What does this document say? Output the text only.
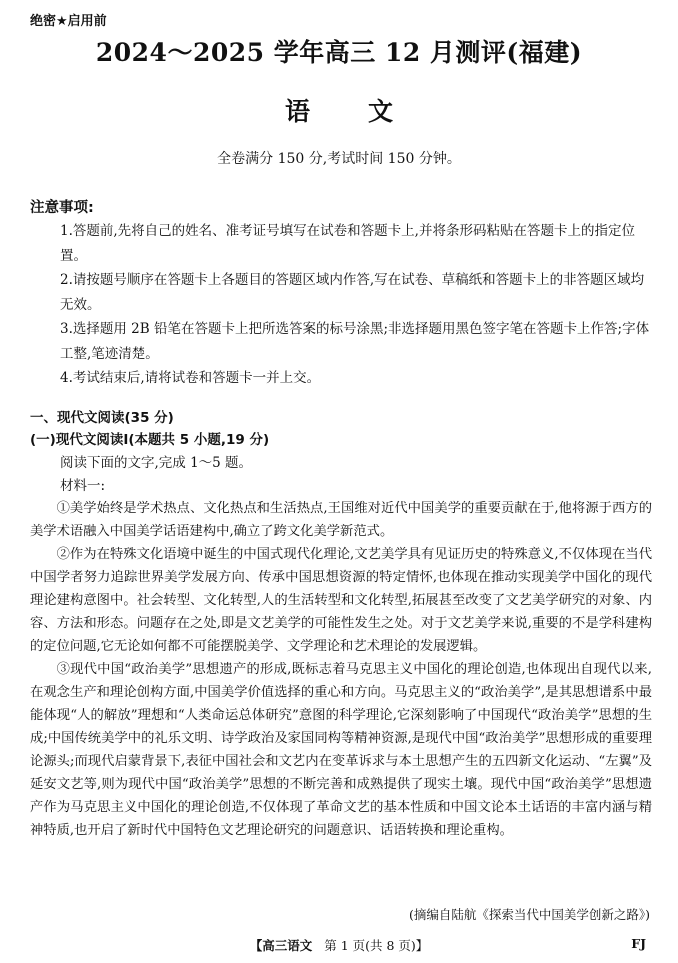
绝密★启用前
2024～2025 学年高三 12 月测评(福建)
语 文
全卷满分 150 分,考试时间 150 分钟。
注意事项:
1.答题前,先将自己的姓名、准考证号填写在试卷和答题卡上,并将条形码粘贴在答题卡上的指定位置。
2.请按题号顺序在答题卡上各题目的答题区域内作答,写在试卷、草稿纸和答题卡上的非答题区域均无效。
3.选择题用 2B 铅笔在答题卡上把所选答案的标号涂黑;非选择题用黑色签字笔在答题卡上作答;字体工整,笔迹清楚。
4.考试结束后,请将试卷和答题卡一并上交。
一、现代文阅读(35 分)
(一)现代文阅读Ⅰ(本题共 5 小题,19 分)
阅读下面的文字,完成 1～5 题。
材料一:

①美学始终是学术热点、文化热点和生活热点,王国维对近代中国美学的重要贡献在于,他将源于西方的美学术语融入中国美学话语建构中,确立了跨文化美学新范式。

②作为在特殊文化语境中诞生的中国式现代化理论,文艺美学具有见证历史的特殊意义,不仅体现在当代中国学者努力追踪世界美学发展方向、传承中国思想资源的特定情怀,也体现在推动实现美学中国化的现代理论建构意图中。社会转型、文化转型,人的生活转型和文化转型,拓展甚至改变了文艺美学研究的对象、内容、方法和形态。问题存在之处,即是文艺美学的可能性发生之处。对于文艺美学来说,重要的不是学科建构的定位问题,它无论如何都不可能摆脱美学、文学理论和艺术理论的发展逻辑。

③现代中国“政治美学”思想遗产的形成,既标志着马克思主义中国化的理论创造,也体现出自现代以来,在观念生产和理论创构方面,中国美学价值选择的重心和方向。马克思主义的“政治美学”,是其思想谱系中最能体现“人的解放”理想和“人类命运总体研究”意图的科学理论,它深刻影响了中国现代“政治美学”思想的生成;中国传统美学中的礼乐文明、诗学政治及家国同构等精神资源,是现代中国“政治美学”思想形成的重要理论源头;而现代启蒙背景下,表征中国社会和文艺内在变革诉求与本土思想产生的五四新文化运动、“左翼”及延安文艺等,则为现代中国“政治美学”思想的不断完善和成熟提供了现实土壤。现代中国“政治美学”思想遗产作为马克思主义中国化的理论创造,不仅体现了革命文艺的基本性质和中国文论本土话语的丰富内涵与精神特质,也开启了新时代中国特色文艺理论研究的问题意识、话语转换和理论重构。

(摘编自陆航《探索当代中国美学创新之路》)
【高三语文 第 1 页(共 8 页)】	FJ
